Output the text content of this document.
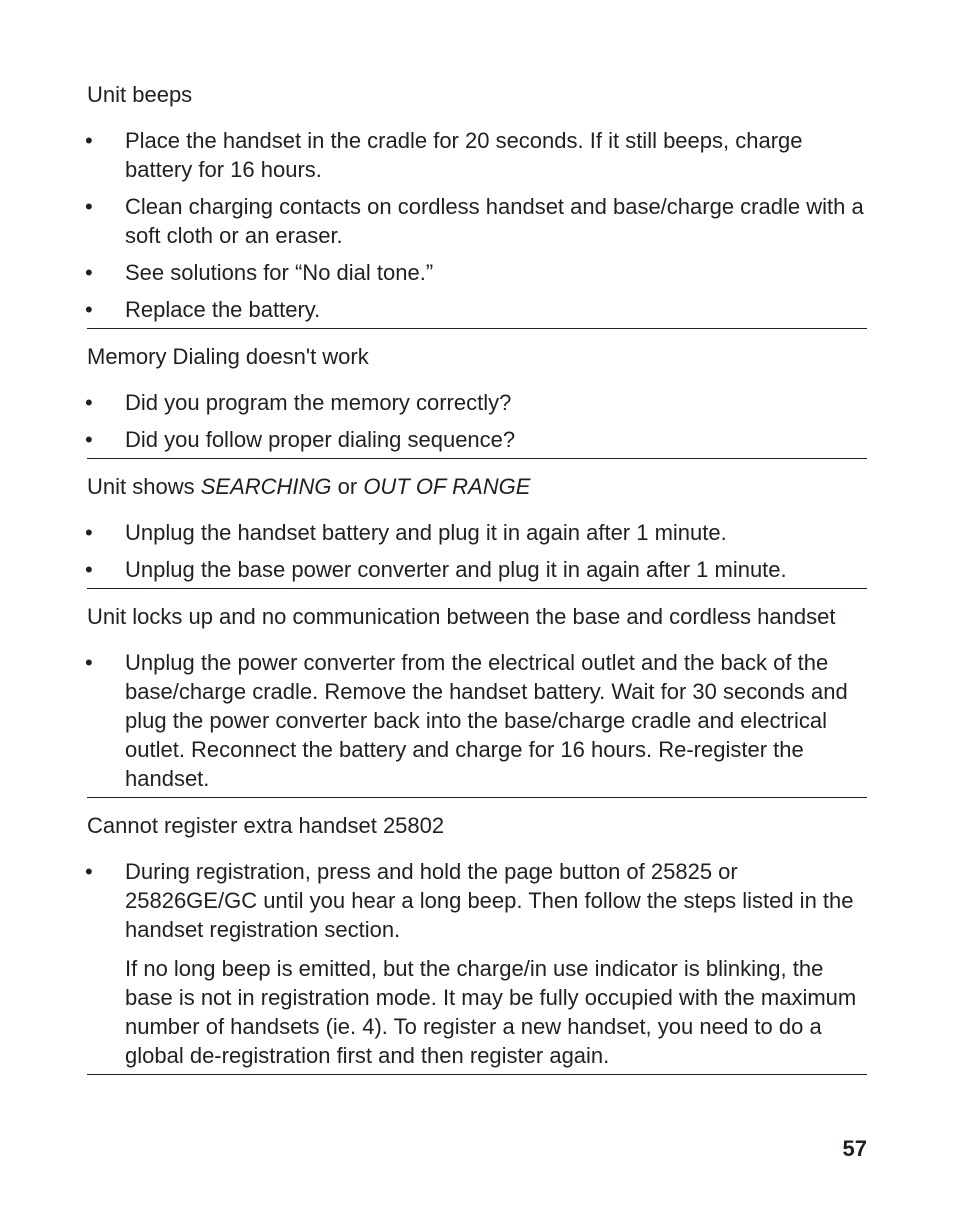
Unit beeps
• Place the handset in the cradle for 20 seconds. If it still beeps, charge battery for 16 hours.
• Clean charging contacts on cordless handset and base/charge cradle with a soft cloth or an eraser.
• See solutions for “No dial tone.”
• Replace the battery.
Memory Dialing doesn't work
• Did you program the memory correctly?
• Did you follow proper dialing sequence?
Unit shows SEARCHING or OUT OF RANGE
• Unplug the handset battery and plug it in again after 1 minute.
• Unplug the base power converter and plug it in again after 1 minute.
Unit locks up and no communication between the base and cordless handset
• Unplug the power converter from the electrical outlet and the back of the base/charge cradle. Remove the handset battery. Wait for 30 seconds and plug the power converter back into the base/charge cradle and electrical outlet. Reconnect the battery and charge for 16 hours. Re-register the handset.
Cannot register extra handset 25802
• During registration, press and hold the page button of 25825 or 25826GE/GC until you hear a long beep. Then follow the steps listed in the handset registration section.
If no long beep is emitted, but the charge/in use indicator is blinking, the base is not in registration mode. It may be fully occupied with the maximum number of handsets (ie. 4). To register a new handset, you need to do a global de-registration first and then register again.
57
